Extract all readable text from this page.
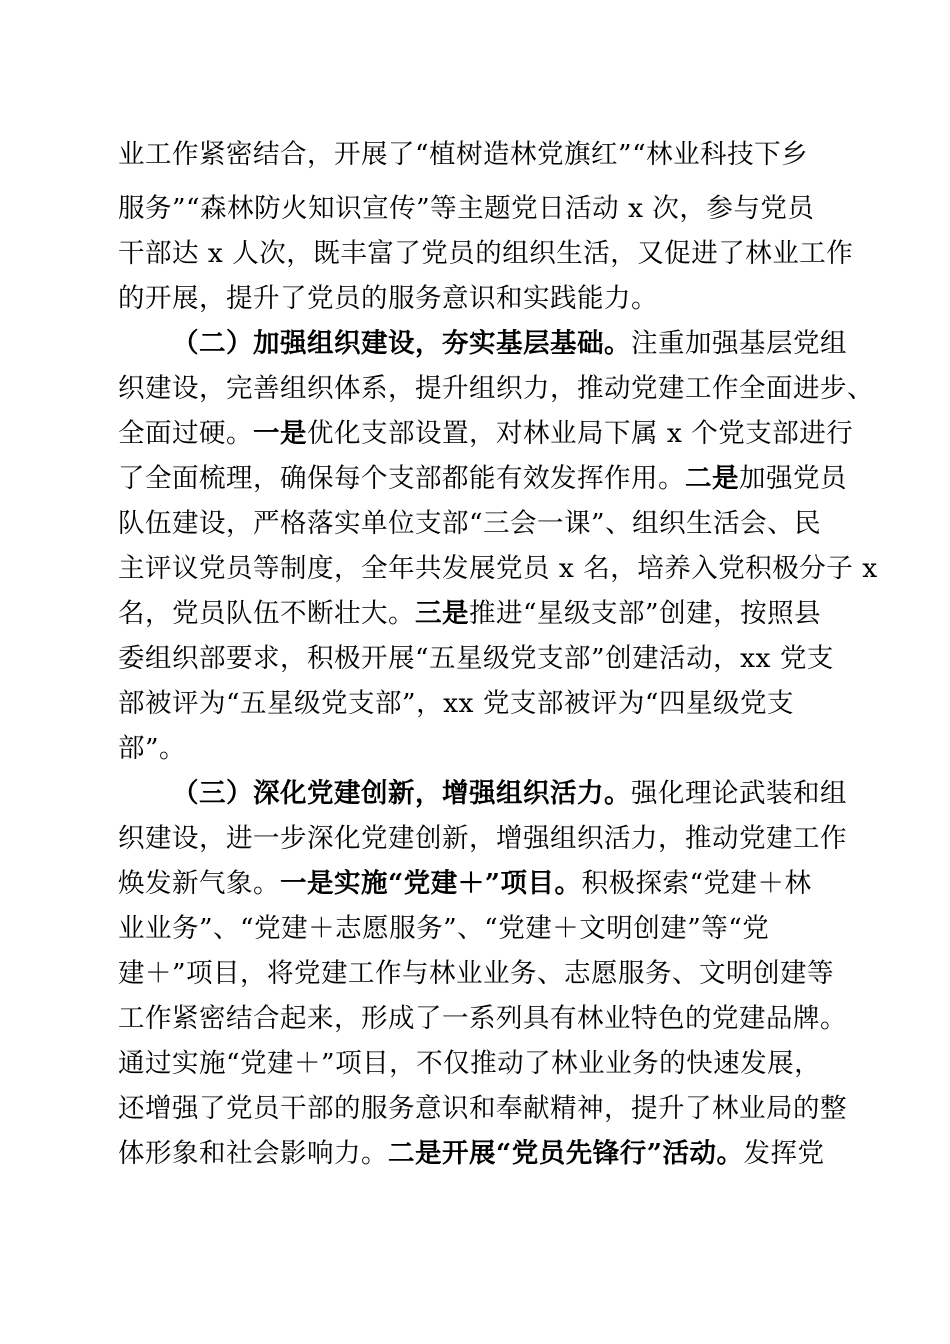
业工作紧密结合，开展了“植树造林党旗红”“林业科技下乡
服务”“森林防火知识宣传”等主题党日活动 x 次，参与党员
干部达 x 人次，既丰富了党员的组织生活，又促进了林业工作
的开展，提升了党员的服务意识和实践能力。
（二）加强组织建设，夯实基层基础。注重加强基层党组
织建设，完善组织体系，提升组织力，推动党建工作全面进步、
全面过硬。一是优化支部设置，对林业局下属 x 个党支部进行
了全面梳理，确保每个支部都能有效发挥作用。二是加强党员
队伍建设，严格落实单位支部“三会一课”、组织生活会、民
主评议党员等制度，全年共发展党员 x 名，培养入党积极分子 x
名，党员队伍不断壮大。三是推进“星级支部”创建，按照县
委组织部要求，积极开展“五星级党支部”创建活动，xx 党支
部被评为“五星级党支部”，xx 党支部被评为“四星级党支
部”。
（三）深化党建创新，增强组织活力。强化理论武装和组
织建设，进一步深化党建创新，增强组织活力，推动党建工作
焕发新气象。一是实施“党建＋”项目。积极探索“党建＋林
业业务”、“党建＋志愿服务”、“党建＋文明创建”等“党
建＋”项目，将党建工作与林业业务、志愿服务、文明创建等
工作紧密结合起来，形成了一系列具有林业特色的党建品牌。
通过实施“党建＋”项目，不仅推动了林业业务的快速发展，
还增强了党员干部的服务意识和奉献精神，提升了林业局的整
体形象和社会影响力。二是开展“党员先锋行”活动。发挥党
